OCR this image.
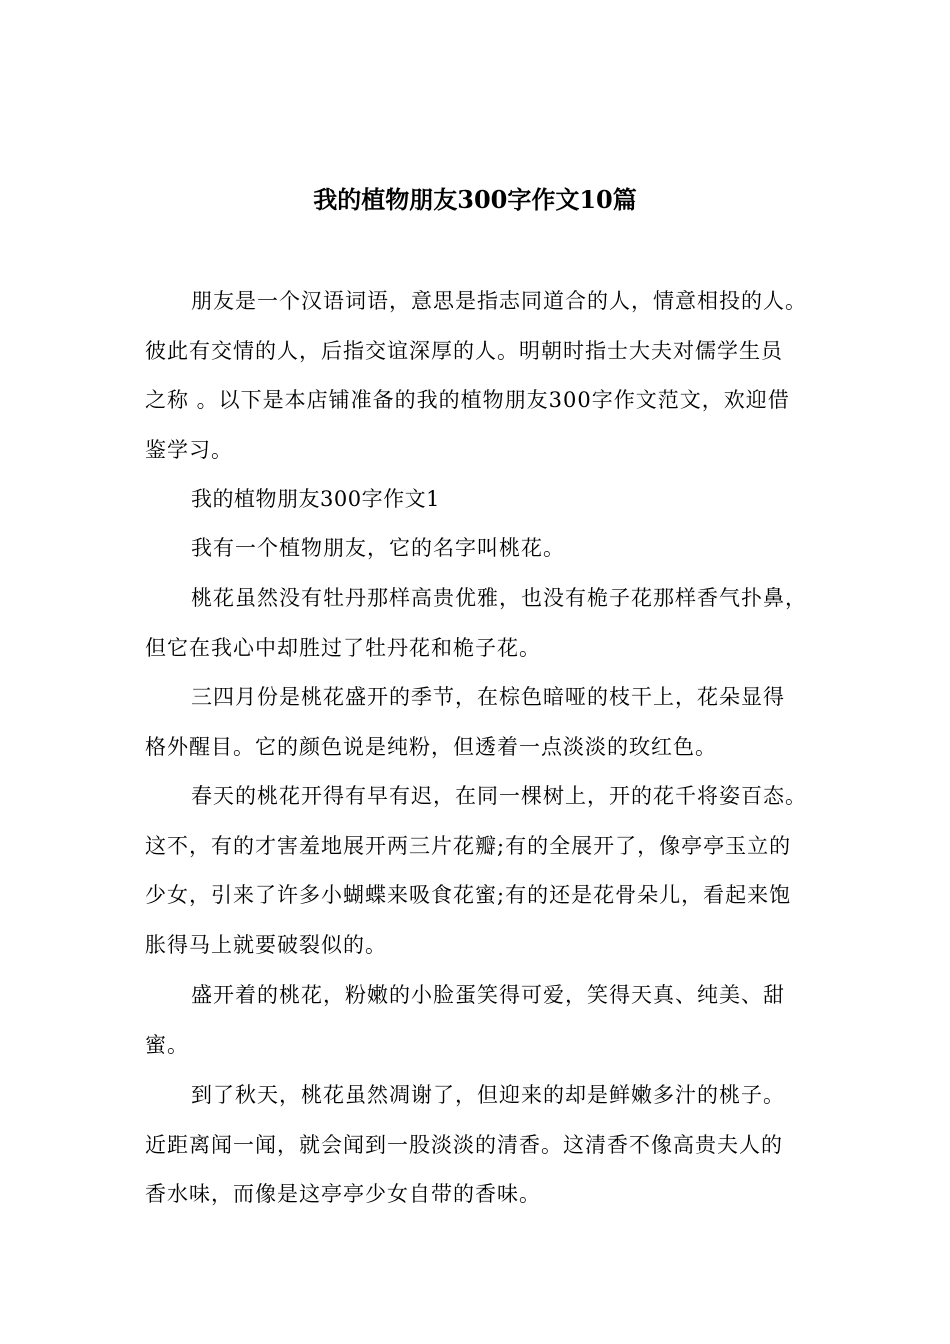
我的植物朋友300字作文10篇
朋友是一个汉语词语，意思是指志同道合的人，情意相投的人。
彼此有交情的人，后指交谊深厚的人。明朝时指士大夫对儒学生员
之称 。以下是本店铺准备的我的植物朋友300字作文范文，欢迎借
鉴学习。
我的植物朋友300字作文1
我有一个植物朋友，它的名字叫桃花。
桃花虽然没有牡丹那样高贵优雅，也没有桅子花那样香气扑鼻，
但它在我心中却胜过了牡丹花和桅子花。
三四月份是桃花盛开的季节，在棕色暗哑的枝干上，花朵显得
格外醒目。它的颜色说是纯粉，但透着一点淡淡的玫红色。
春天的桃花开得有早有迟，在同一棵树上，开的花千将姿百态。
这不，有的才害羞地展开两三片花瓣;有的全展开了，像亭亭玉立的
少女，引来了许多小蝴蝶来吸食花蜜;有的还是花骨朵儿，看起来饱
胀得马上就要破裂似的。
盛开着的桃花，粉嫩的小脸蛋笑得可爱，笑得天真、纯美、甜
蜜。
到了秋天，桃花虽然凋谢了，但迎来的却是鲜嫩多汁的桃子。
近距离闻一闻，就会闻到一股淡淡的清香。这清香不像高贵夫人的
香水味，而像是这亭亭少女自带的香味。
